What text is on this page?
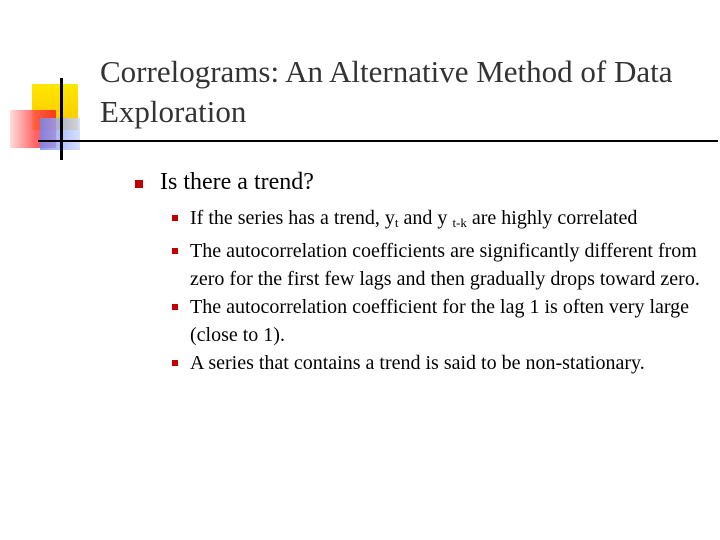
Correlograms: An Alternative Method of Data Exploration
Is there a trend?
If the series has a trend, $y_t$ and y $_{t-k}$ are highly correlated
The autocorrelation coefficients are significantly different from zero for the first few lags and then gradually drops toward zero.
The autocorrelation coefficient for the lag 1 is often very large (close to 1).
A series that contains a trend is said to be non-stationary.
